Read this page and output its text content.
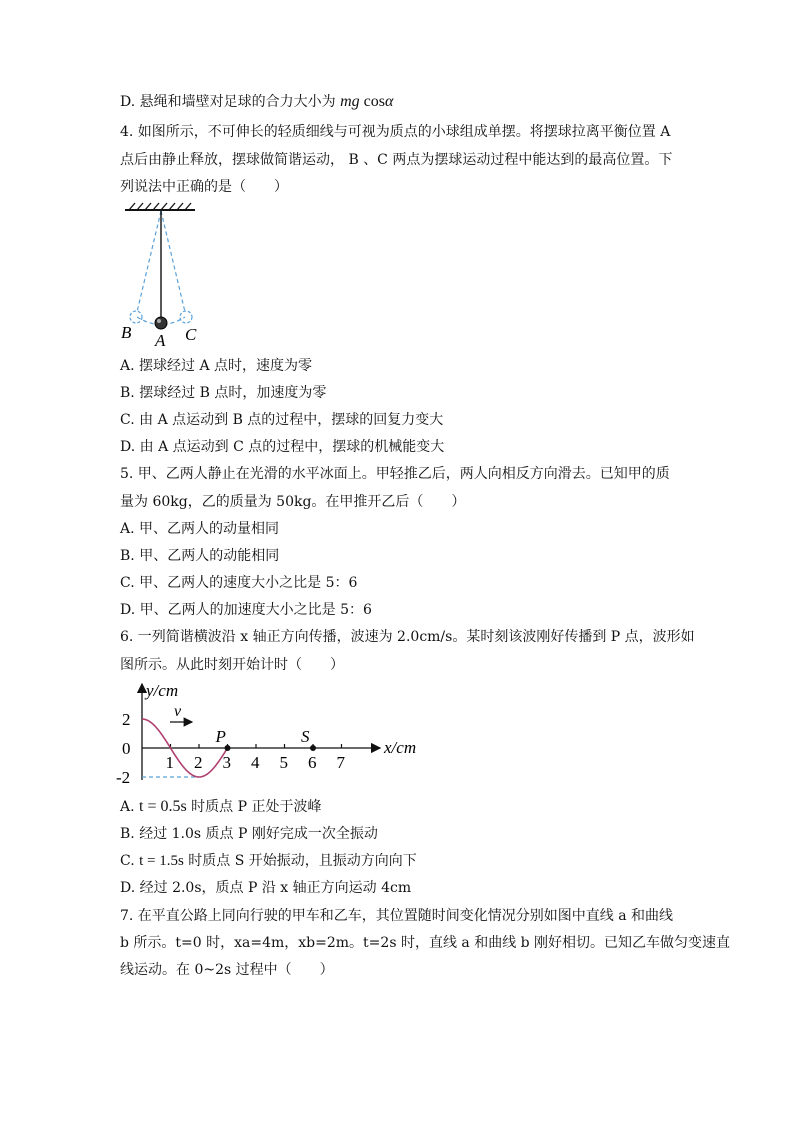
D. 悬绳和墙壁对足球的合力大小为 mg cosα
4. 如图所示，不可伸长的轻质细线与可视为质点的小球组成单摆。将摆球拉离平衡位置 A
点后由静止释放，摆球做简谐运动， B 、C 两点为摆球运动过程中能达到的最高位置。下
列说法中正确的是（　　）
B A C
A. 摆球经过 A 点时，速度为零
B. 摆球经过 B 点时，加速度为零
C. 由 A 点运动到 B 点的过程中，摆球的回复力变大
D. 由 A 点运动到 C 点的过程中，摆球的机械能变大
5. 甲、乙两人静止在光滑的水平冰面上。甲轻推乙后，两人向相反方向滑去。已知甲的质
量为 60kg，乙的质量为 50kg。在甲推开乙后（　　）
A. 甲、乙两人的动量相同
B. 甲、乙两人的动能相同
C. 甲、乙两人的速度大小之比是 5：6
D. 甲、乙两人的加速度大小之比是 5：6
6. 一列简谐横波沿 x 轴正方向传播，波速为 2.0cm/s。某时刻该波刚好传播到 P 点，波形如
图所示。从此时刻开始计时（　　）
y/cm
x/cm
1 2 3 4 5 6 7
2
0
-2
v
P	S
A. t = 0.5s 时质点 P 正处于波峰
B. 经过 1.0s 质点 P 刚好完成一次全振动
C. t = 1.5s 时质点 S 开始振动，且振动方向向下
D. 经过 2.0s，质点 P 沿 x 轴正方向运动 4cm
7. 在平直公路上同向行驶的甲车和乙车，其位置随时间变化情况分别如图中直线 a 和曲线
b 所示。t=0 时，xa=4m，xb=2m。t=2s 时，直线 a 和曲线 b 刚好相切。已知乙车做匀变速直
线运动。在 0~2s 过程中（　　）
